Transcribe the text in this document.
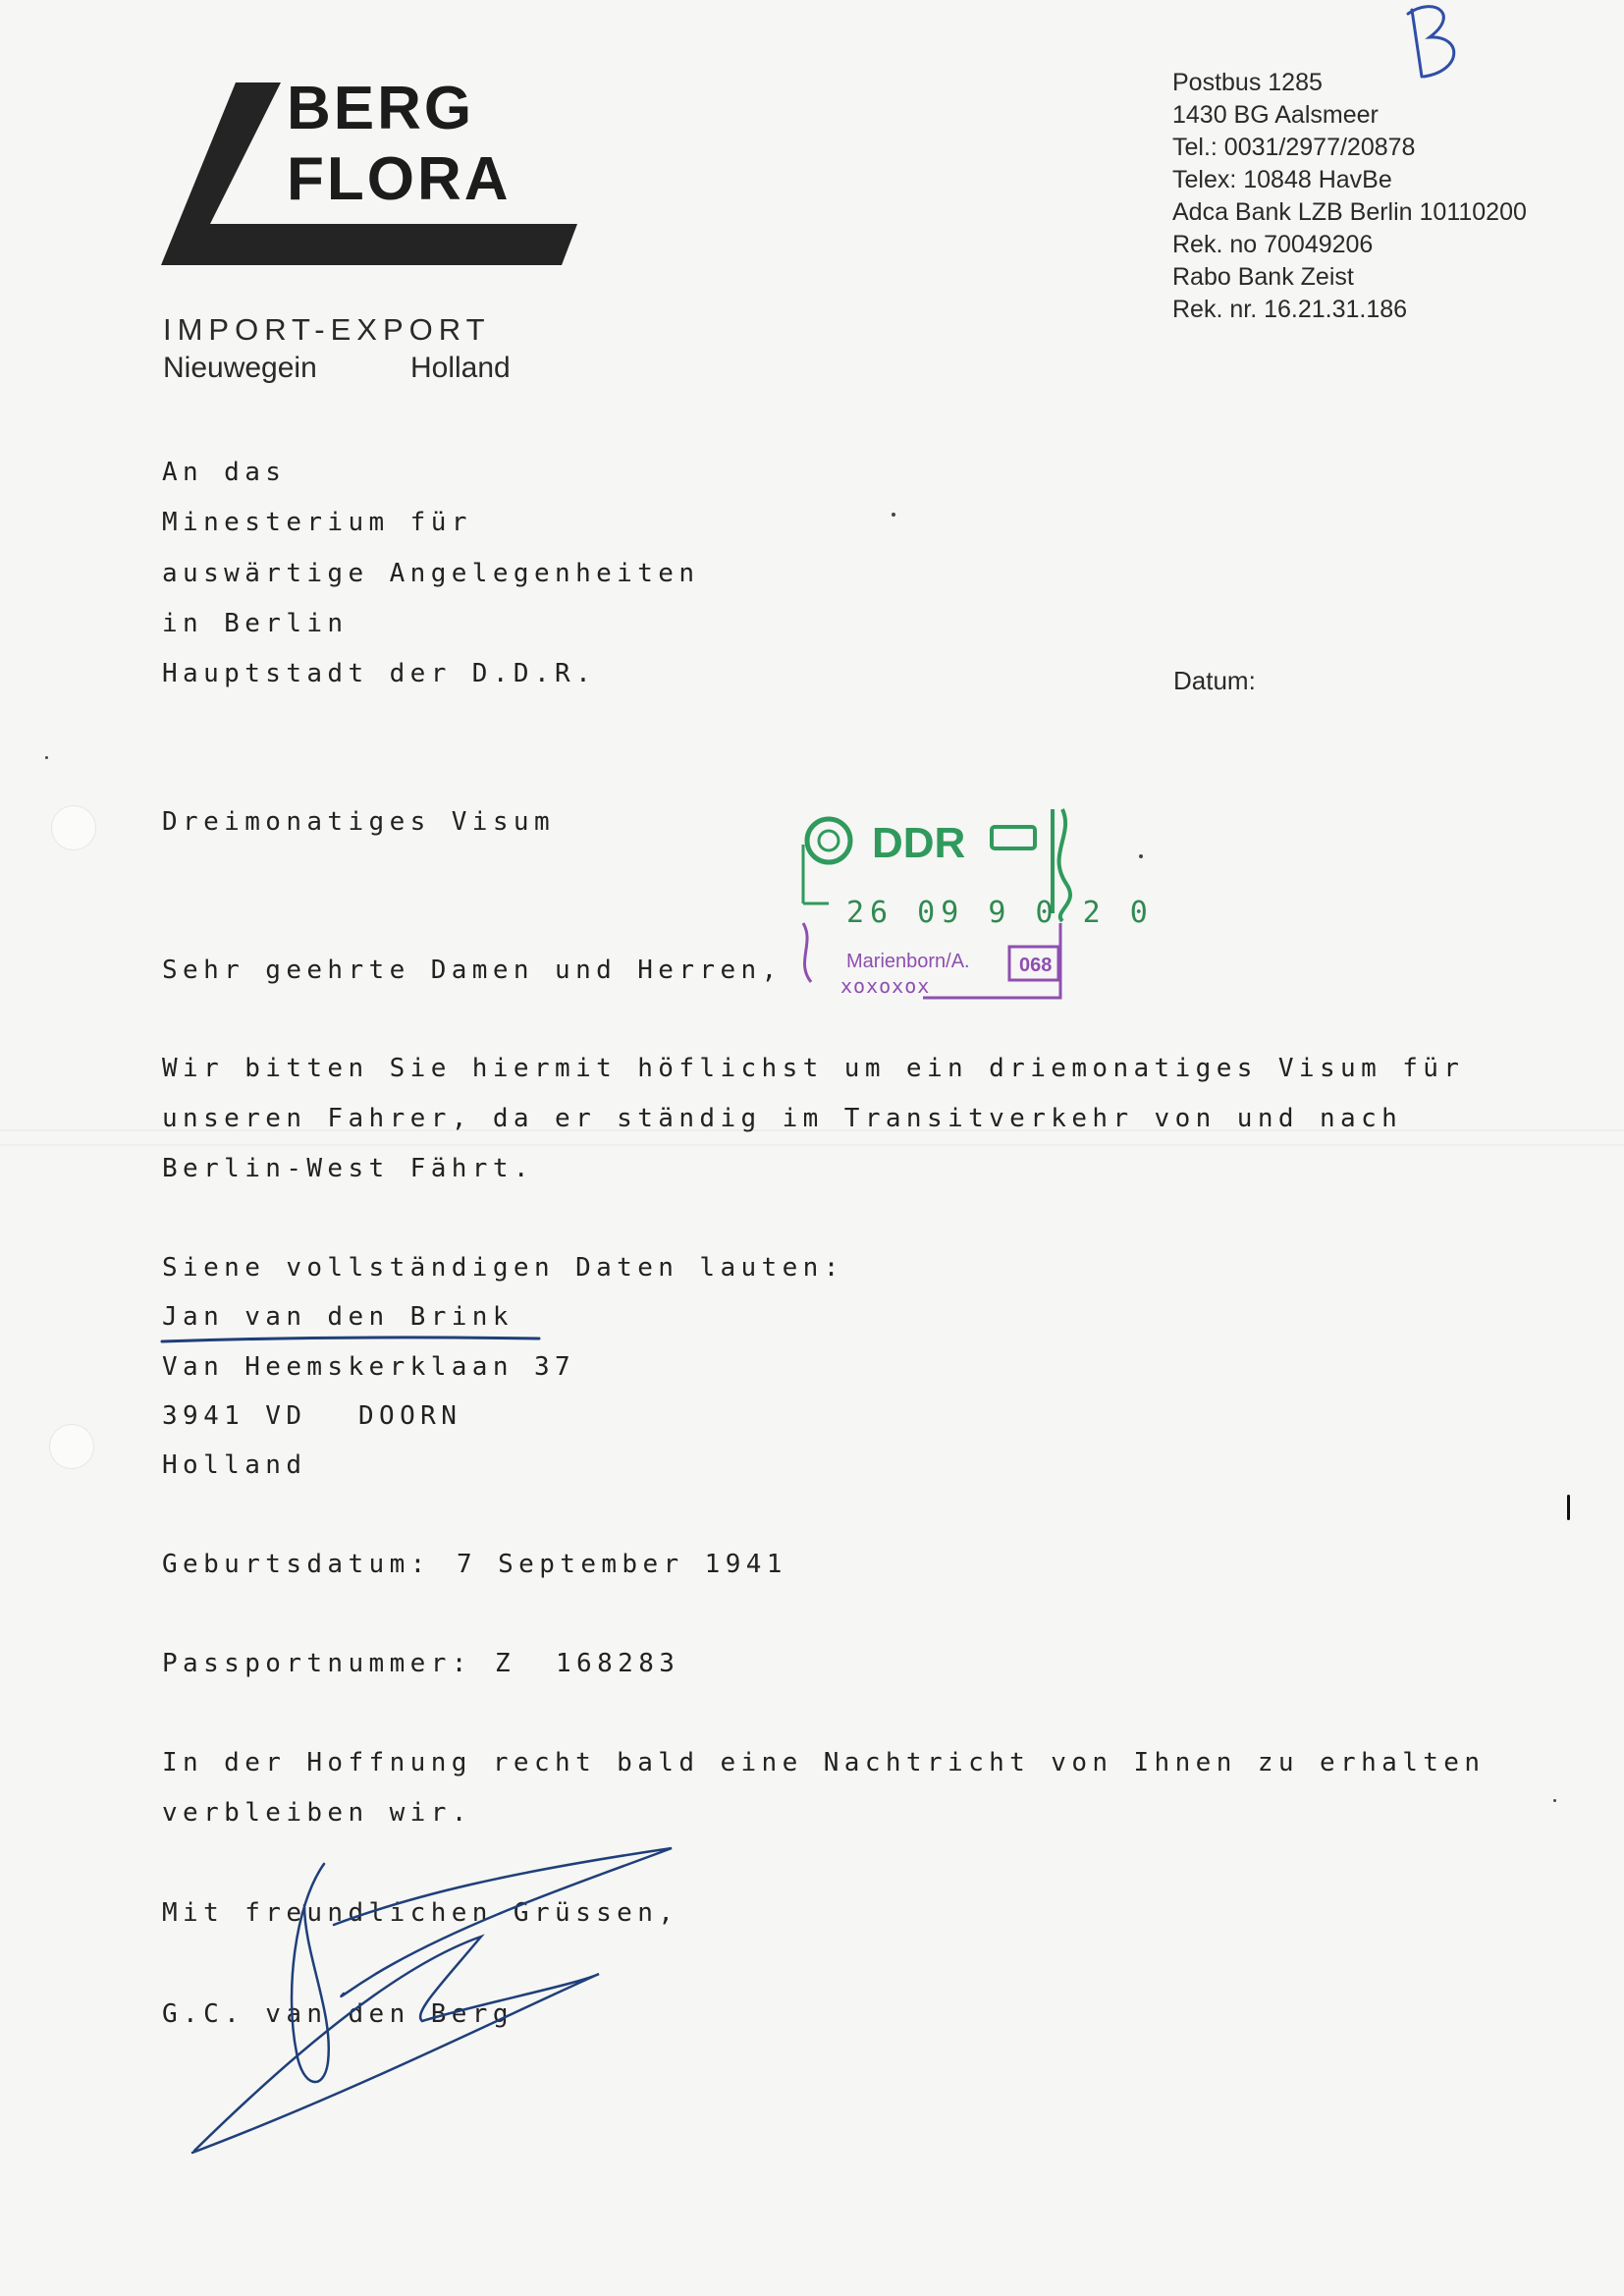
BERG
FLORA
IMPORT-EXPORT
Nieuwegein	Holland
Postbus 1285
1430 BG Aalsmeer
Tel.: 0031/2977/20878
Telex: 10848 HavBe
Adca Bank LZB Berlin 10110200
Rek. no 70049206
Rabo Bank Zeist
Rek. nr. 16.21.31.186
Datum:
An das
Minesterium für
auswärtige Angelegenheiten
in Berlin
Hauptstadt der D.D.R.
Dreimonatiges Visum	DDR
26 09 9 0 2 0
Marienborn/A.	068
xoxoxox
Sehr geehrte Damen und Herren,
Wir bitten Sie hiermit höflichst um ein driemonatiges Visum für
unseren Fahrer, da er ständig im Transitverkehr von und nach
Berlin-West Fährt.
Siene vollständigen Daten lauten:
Jan van den Brink
Van Heemskerklaan 37
3941 VD DOORN
Holland
Geburtsdatum: 7 September 1941
Passportnummer: Z 168283
In der Hoffnung recht bald eine Nachtricht von Ihnen zu erhalten
verbleiben wir.
Mit freundlichen Grüssen,
G.C. van den Berg
